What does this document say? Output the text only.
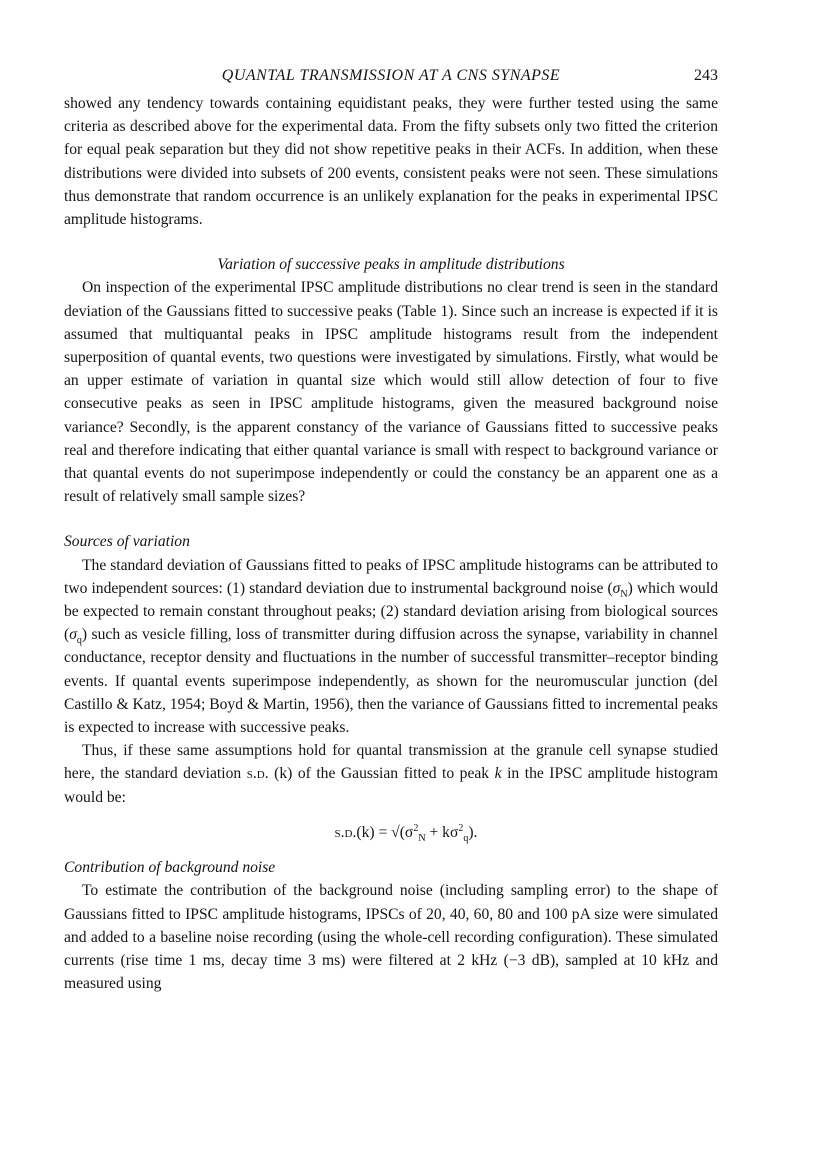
QUANTAL TRANSMISSION AT A CNS SYNAPSE	243

showed any tendency towards containing equidistant peaks, they were further tested using the same criteria as described above for the experimental data. From the fifty subsets only two fitted the criterion for equal peak separation but they did not show repetitive peaks in their ACFs. In addition, when these distributions were divided into subsets of 200 events, consistent peaks were not seen. These simulations thus demonstrate that random occurrence is an unlikely explanation for the peaks in experimental IPSC amplitude histograms.

Variation of successive peaks in amplitude distributions

On inspection of the experimental IPSC amplitude distributions no clear trend is seen in the standard deviation of the Gaussians fitted to successive peaks (Table 1). Since such an increase is expected if it is assumed that multiquantal peaks in IPSC amplitude histograms result from the independent superposition of quantal events, two questions were investigated by simulations. Firstly, what would be an upper estimate of variation in quantal size which would still allow detection of four to five consecutive peaks as seen in IPSC amplitude histograms, given the measured background noise variance? Secondly, is the apparent constancy of the variance of Gaussians fitted to successive peaks real and therefore indicating that either quantal variance is small with respect to background variance or that quantal events do not superimpose independently or could the constancy be an apparent one as a result of relatively small sample sizes?

Sources of variation

The standard deviation of Gaussians fitted to peaks of IPSC amplitude histograms can be attributed to two independent sources: (1) standard deviation due to instrumental background noise $(\sigma_N)$ which would be expected to remain constant throughout peaks; (2) standard deviation arising from biological sources $(\sigma_q)$ such as vesicle filling, loss of transmitter during diffusion across the synapse, variability in channel conductance, receptor density and fluctuations in the number of successful transmitter–receptor binding events. If quantal events superimpose independently, as shown for the neuromuscular junction (del Castillo & Katz, 1954; Boyd & Martin, 1956), then the variance of Gaussians fitted to incremental peaks is expected to increase with successive peaks.

Thus, if these same assumptions hold for quantal transmission at the granule cell synapse studied here, the standard deviation s.d. (k) of the Gaussian fitted to peak k in the IPSC amplitude histogram would be:

$s.d.(k) = √(\sigma^2_N + k\sigma^2_q)$.
Contribution of background noise

To estimate the contribution of the background noise (including sampling error) to the shape of Gaussians fitted to IPSC amplitude histograms, IPSCs of 20, 40, 60, 80 and 100 pA size were simulated and added to a baseline noise recording (using the whole-cell recording configuration). These simulated currents (rise time 1 ms, decay time 3 ms) were filtered at 2 kHz (−3 dB), sampled at 10 kHz and measured using
